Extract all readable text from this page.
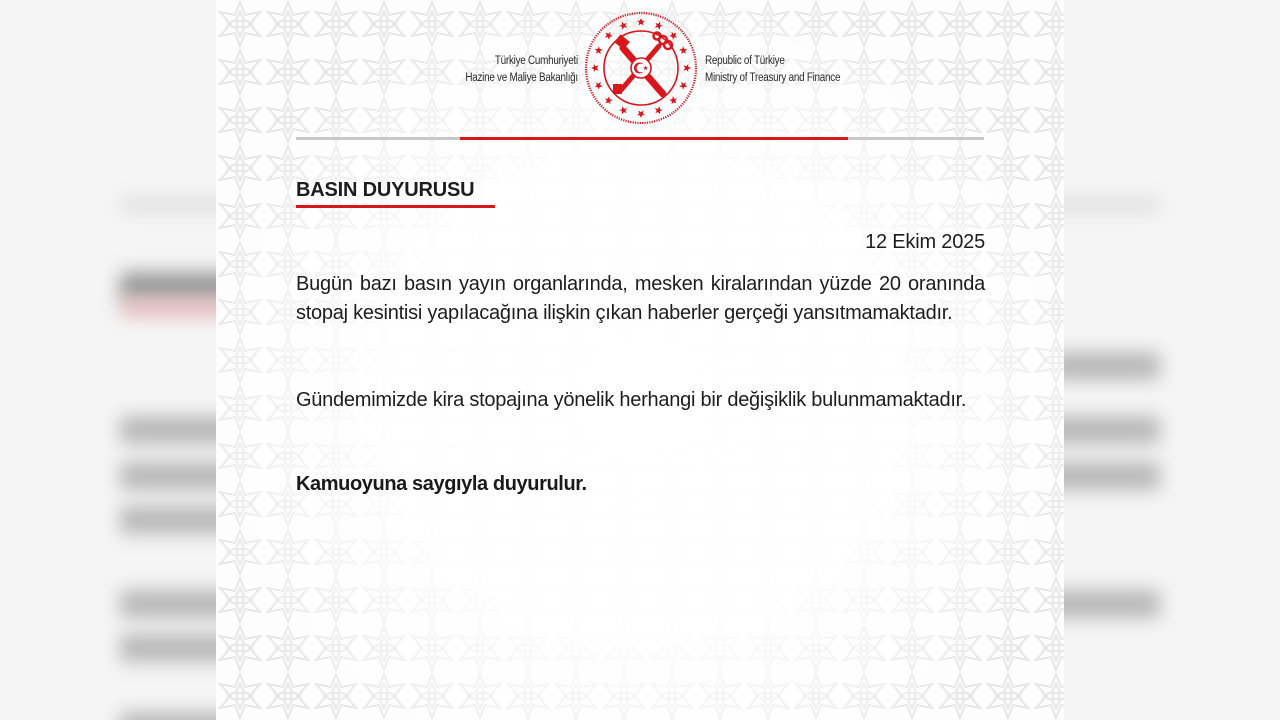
Türkiye Cumhuriyeti
Hazine ve Maliye Bakanlığı
Republic of Türkiye
Ministry of Treasury and Finance
BASIN DUYURUSU
12 Ekim 2025

Bugün bazı basın yayın organlarında, mesken kiralarından yüzde 20 oranında stopaj kesintisi yapılacağına ilişkin çıkan haberler gerçeği yansıtmamaktadır.

Gündemimizde kira stopajına yönelik herhangi bir değişiklik bulunmamaktadır.

Kamuoyuna saygıyla duyurulur.
